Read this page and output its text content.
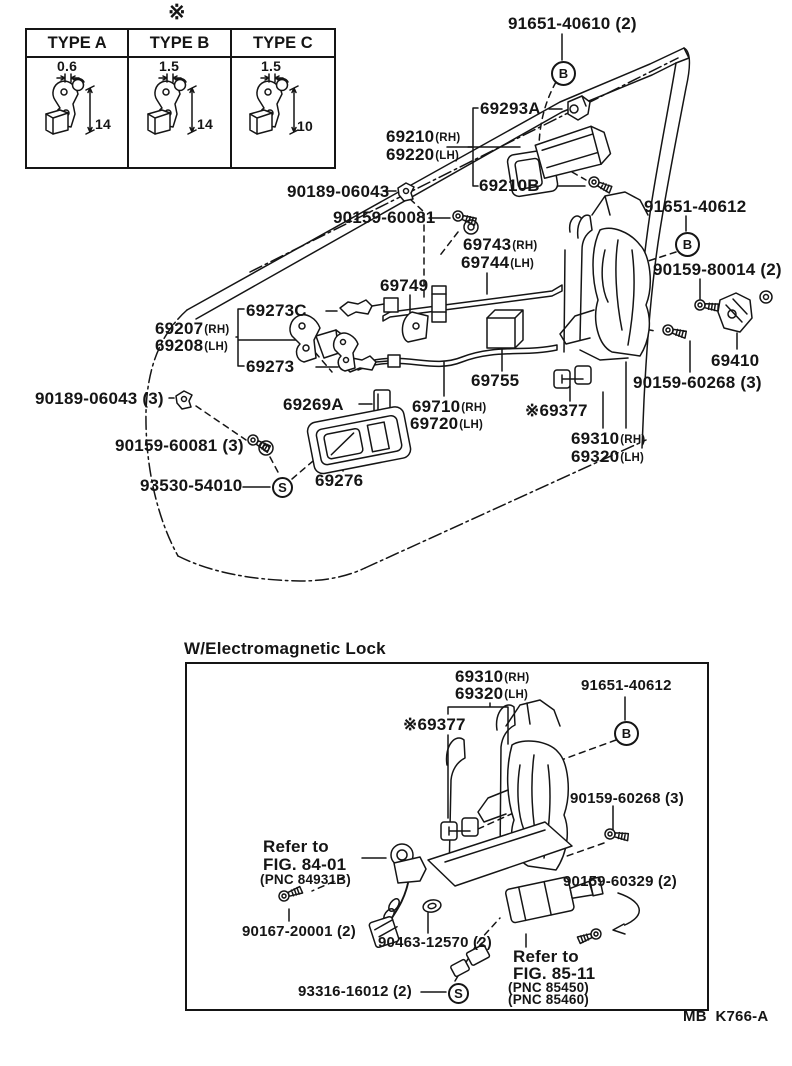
※
TYPE A	TYPE B	TYPE C
0.6
14
1.5
14
1.5
10
91651-40610 (2)
B
69293A
69210 (RH)
69220 (LH)
69210B
90189-06043
90159-60081
91651-40612
B
69743 (RH)
69744 (LH)	90159-80014 (2)
69749
69273C
69207 (RH)
69208 (LH)
69273	69410
90159-60268 (3)
69755
90189-06043 (3)	69269A	69710 (RH)
69720 (LH)
※69377
90159-60081 (3)	69310 (RH)
69320 (LH)
93530-54010	S 69276
W/Electromagnetic Lock
69310 (RH)
69320 (LH)
91651-40612
※69377	B
90159-60268 (3)
Refer to
FIG. 84-01
(PNC 84931B)	90159-60329 (2)
90167-20001 (2)
90463-12570 (2)
Refer to
FIG. 85-11
(PNC 85450)
(PNC 85460)
93316-16012 (2)	S
MB  K766-A
